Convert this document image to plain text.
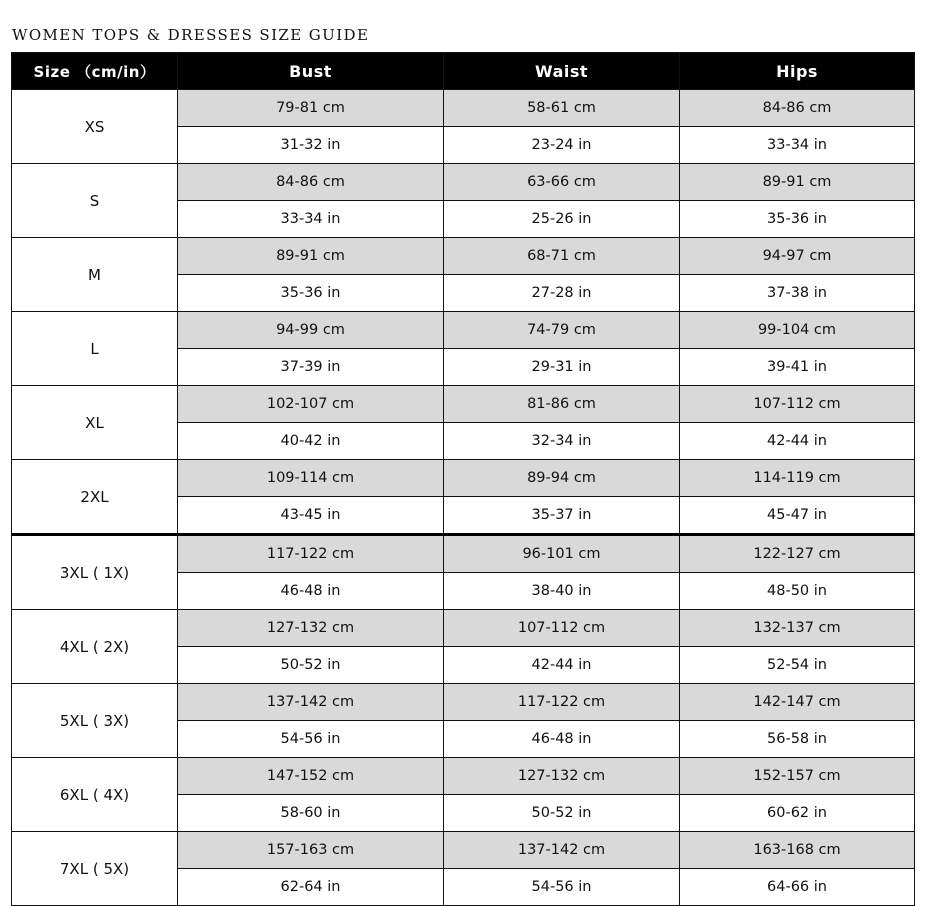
WOMEN TOPS & DRESSES SIZE GUIDE
Size （cm/in）	Bust	Waist	Hips
XS	79-81 cm	58-61 cm	84-86 cm
	31-32 in	23-24 in	33-34 in
S	84-86 cm	63-66 cm	89-91 cm
	33-34 in	25-26 in	35-36 in
M	89-91 cm	68-71 cm	94-97 cm
	35-36 in	27-28 in	37-38 in
L	94-99 cm	74-79 cm	99-104 cm
	37-39 in	29-31 in	39-41 in
XL	102-107 cm	81-86 cm	107-112 cm
	40-42 in	32-34 in	42-44 in
2XL	109-114 cm	89-94 cm	114-119 cm
	43-45 in	35-37 in	45-47 in
3XL ( 1X)	117-122 cm	96-101 cm	122-127 cm
	46-48 in	38-40 in	48-50 in
4XL ( 2X)	127-132 cm	107-112 cm	132-137 cm
	50-52 in	42-44 in	52-54 in
5XL ( 3X)	137-142 cm	117-122 cm	142-147 cm
	54-56 in	46-48 in	56-58 in
6XL ( 4X)	147-152 cm	127-132 cm	152-157 cm
	58-60 in	50-52 in	60-62 in
7XL ( 5X)	157-163 cm	137-142 cm	163-168 cm
	62-64 in	54-56 in	64-66 in
